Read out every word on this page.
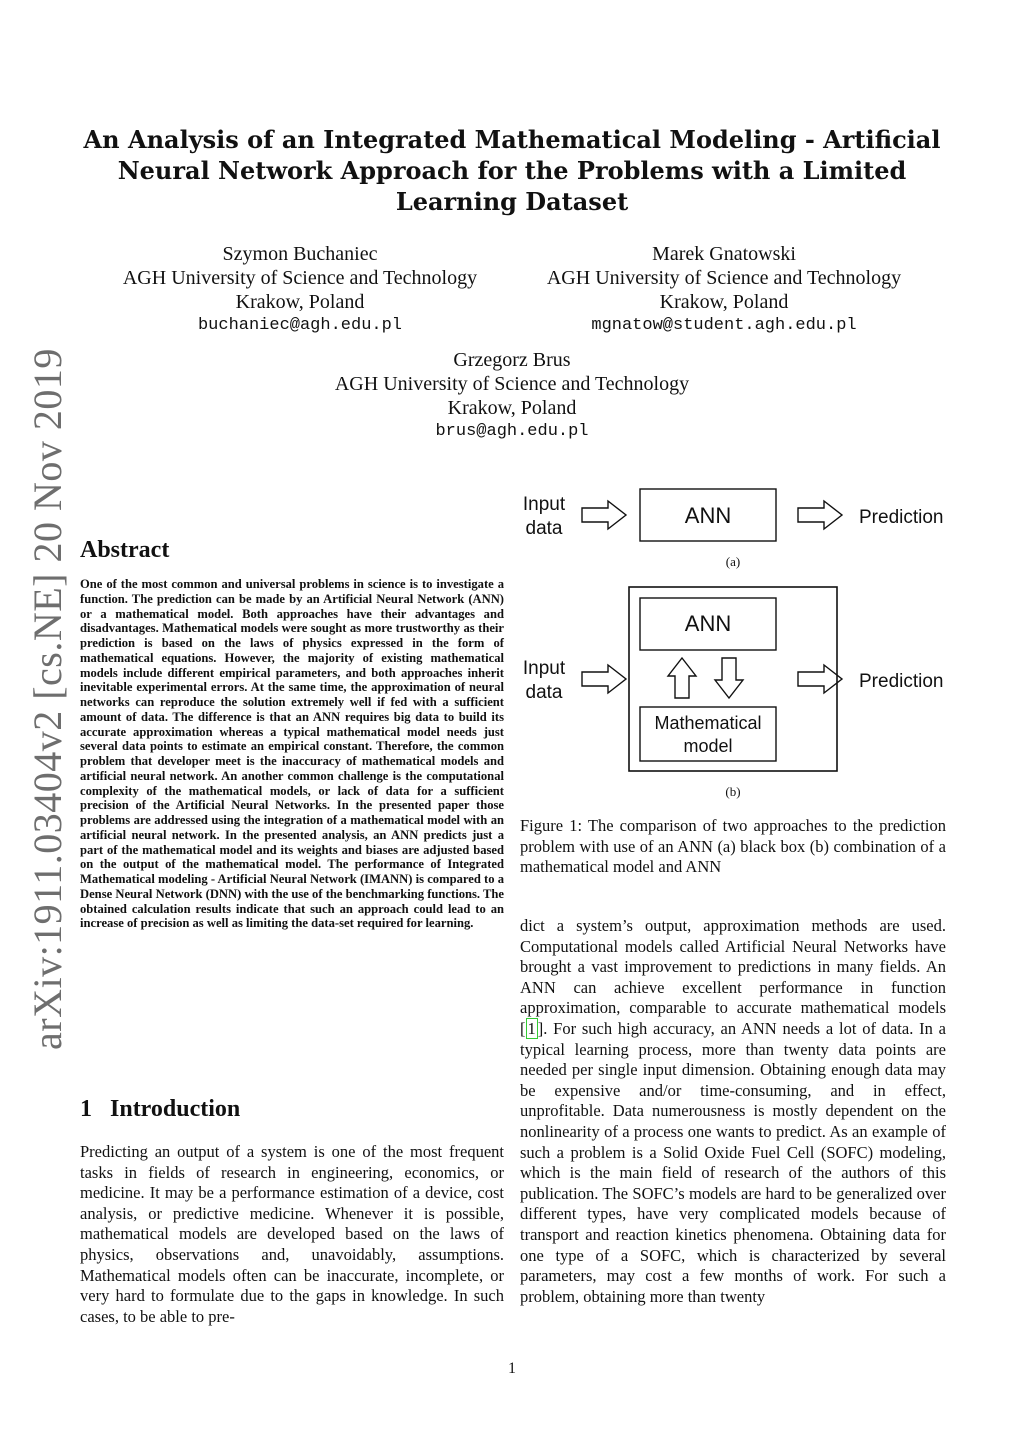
arXiv:1911.03404v2 [cs.NE] 20 Nov 2019
An Analysis of an Integrated Mathematical Modeling - Artificial Neural Network Approach for the Problems with a Limited Learning Dataset
Szymon Buchaniec
AGH University of Science and Technology
Krakow, Poland
buchaniec@agh.edu.pl
Marek Gnatowski
AGH University of Science and Technology
Krakow, Poland
mgnatow@student.agh.edu.pl
Grzegorz Brus
AGH University of Science and Technology
Krakow, Poland
brus@agh.edu.pl
Abstract

One of the most common and universal problems in science is to investigate a function. The prediction can be made by an Artificial Neural Network (ANN) or a mathematical model. Both approaches have their advantages and disadvantages. Mathematical models were sought as more trustworthy as their prediction is based on the laws of physics expressed in the form of mathematical equations. However, the majority of existing mathematical models include different empirical parameters, and both approaches inherit inevitable experimental errors. At the same time, the approximation of neural networks can reproduce the solution extremely well if fed with a sufficient amount of data. The difference is that an ANN requires big data to build its accurate approximation whereas a typical mathematical model needs just several data points to estimate an empirical constant. Therefore, the common problem that developer meet is the inaccuracy of mathematical models and artificial neural network. An another common challenge is the computational complexity of the mathematical models, or lack of data for a sufficient precision of the Artificial Neural Networks. In the presented paper those problems are addressed using the integration of a mathematical model with an artificial neural network. In the presented analysis, an ANN predicts just a part of the mathematical model and its weights and biases are adjusted based on the output of the mathematical model. The performance of Integrated Mathematical modeling - Artificial Neural Network (IMANN) is compared to a Dense Neural Network (DNN) with the use of the benchmarking functions. The obtained calculation results indicate that such an approach could lead to an increase of precision as well as limiting the data-set required for learning.

1 Introduction

Predicting an output of a system is one of the most frequent tasks in fields of research in engineering, economics, or medicine. It may be a performance estimation of a device, cost analysis, or predictive medicine. Whenever it is possible, mathematical models are developed based on the laws of physics, observations and, unavoidably, assumptions. Mathematical models often can be inaccurate, incomplete, or very hard to formulate due to the gaps in knowledge. In such cases, to be able to pre-

dict a system’s output, approximation methods are used. Computational models called Artificial Neural Networks have brought a vast improvement to predictions in many fields. An ANN can achieve excellent performance in function approximation, comparable to accurate mathematical models [ 1 ]. For such high accuracy, an ANN needs a lot of data. In a typical learning process, more than twenty data points are needed per single input dimension. Obtaining enough data may be expensive and/or time-consuming, and in effect, unprofitable. Data numerousness is mostly dependent on the nonlinearity of a process one wants to predict. As an example of such a problem is a Solid Oxide Fuel Cell (SOFC) modeling, which is the main field of research of the authors of this publication. The SOFC’s models are hard to be generalized over different types, have very complicated models because of transport and reaction kinetics phenomena. Obtaining data for one type of a SOFC, which is characterized by several parameters, may cost a few months of work. For such a problem, obtaining more than twenty

Input
data
ANN	Prediction
(a)
ANN
Mathematical
model
Input
data
Prediction
(b)

Figure 1: The comparison of two approaches to the prediction problem with use of an ANN (a) black box (b) combination of a mathematical model and ANN

1
